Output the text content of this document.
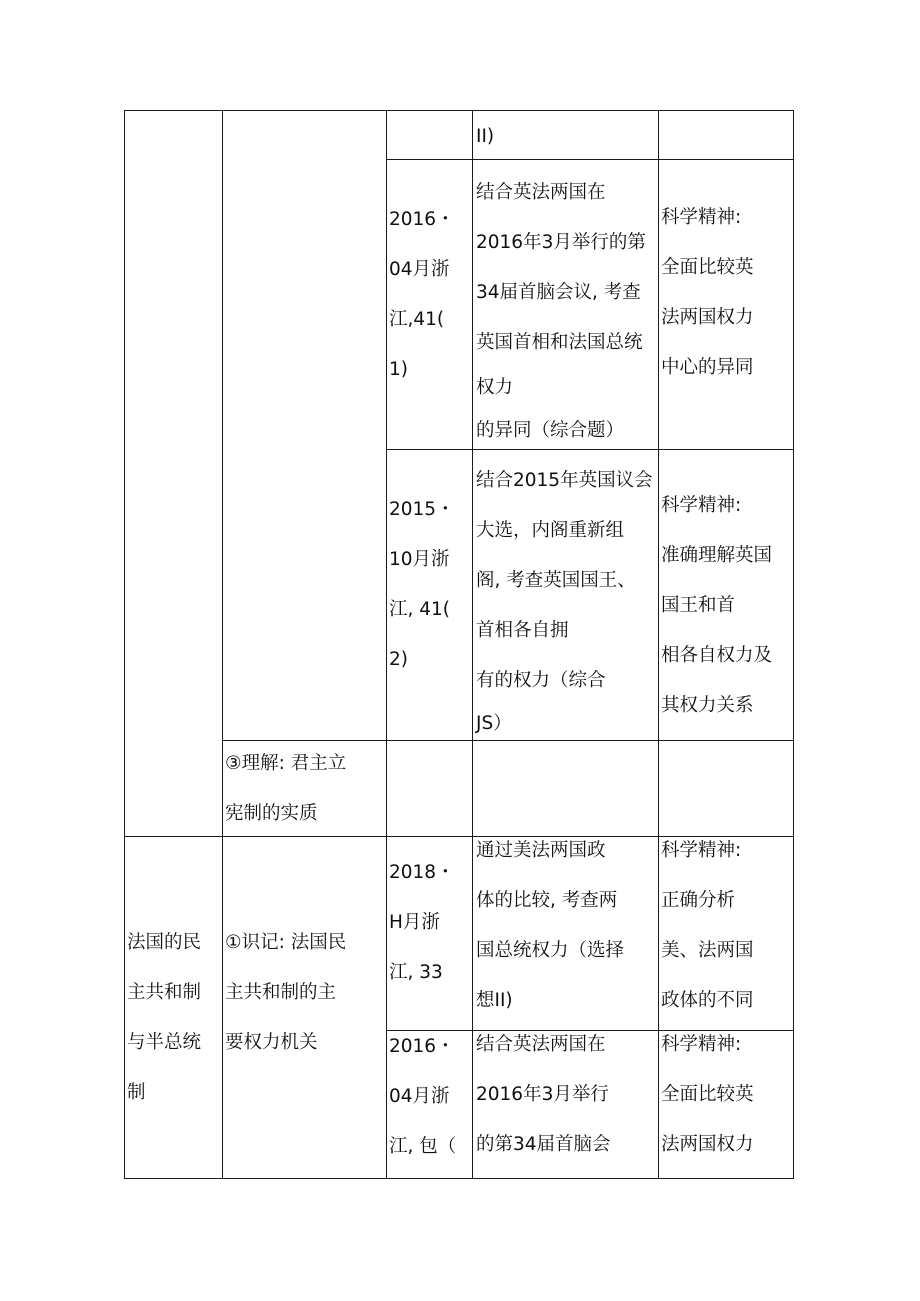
II)
2016・
04月浙
江,41(
1)
结合英法两国在
2016年3月举行的第
34届首脑会议, 考查
英国首相和法国总统
权力
的异同（综合题）
科学精神:
全面比较英
法两国权力
中心的异同
2015・
10月浙
江, 41(
2)
结合2015年英国议会
大选，内阁重新组
阁, 考查英国国王、
首相各自拥
有的权力（综合
JS）
科学精神:
准确理解英国
国王和首
相各自权力及
其权力关系
③理解: 君主立
宪制的实质
法国的民
主共和制
与半总统
制
①识记: 法国民
主共和制的主
要权力机关
2018・
H月浙
江, 33
通过美法两国政
体的比较, 考查两
国总统权力（选择
想II)
科学精神:
正确分析
美、法两国
政体的不同
2016・
04月浙
江, 包（
结合英法两国在
2016年3月举行
的第34届首脑会
科学精神:
全面比较英
法两国权力
